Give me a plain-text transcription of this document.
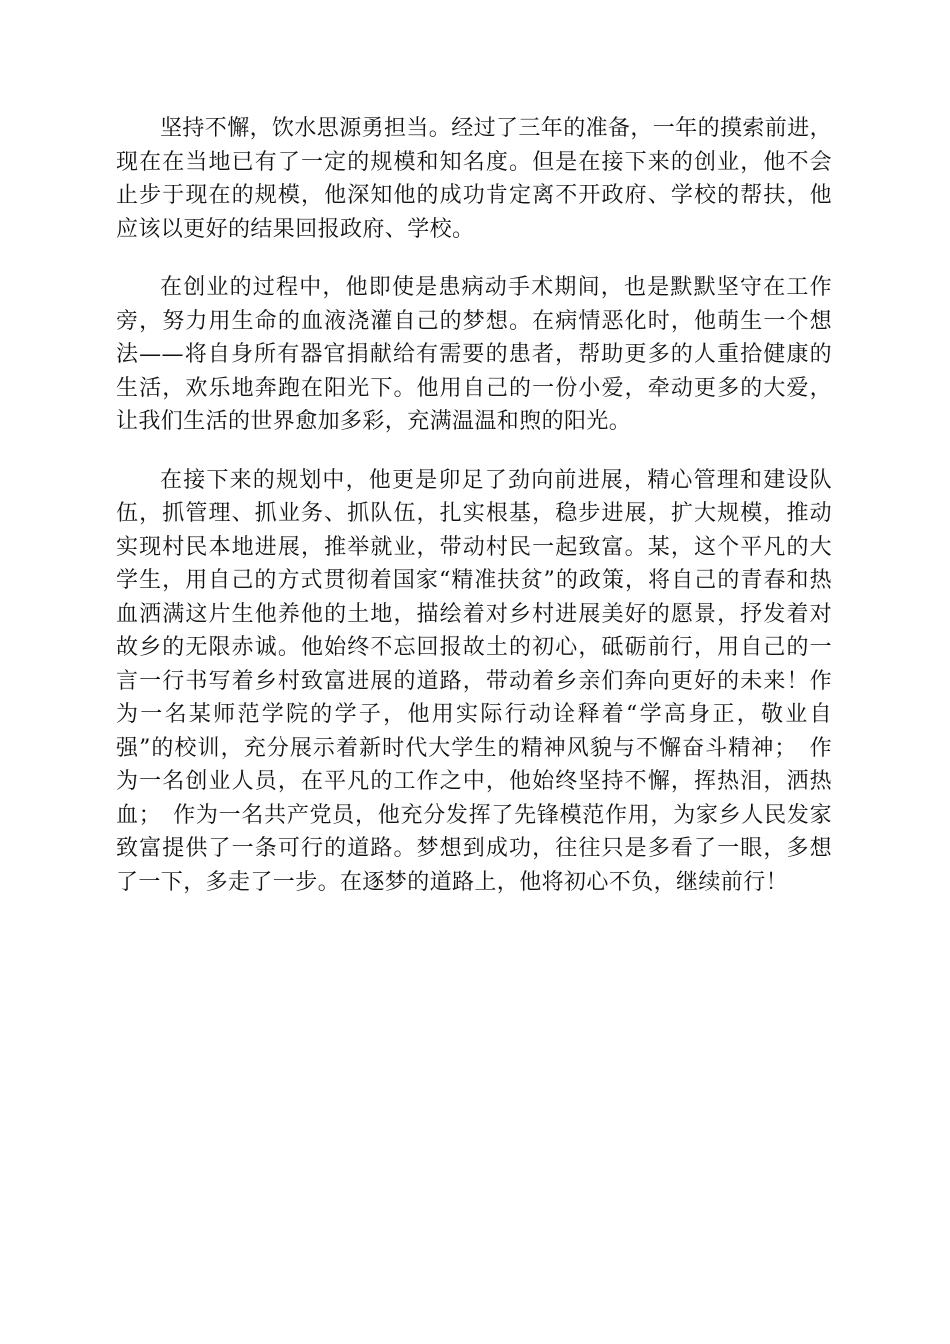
坚持不懈，饮水思源勇担当。经过了三年的准备，一年的摸索前进，现在在当地已有了一定的规模和知名度。但是在接下来的创业，他不会止步于现在的规模，他深知他的成功肯定离不开政府、学校的帮扶，他应该以更好的结果回报政府、学校。

在创业的过程中，他即使是患病动手术期间，也是默默坚守在工作旁，努力用生命的血液浇灌自己的梦想。在病情恶化时，他萌生一个想法——将自身所有器官捐献给有需要的患者，帮助更多的人重拾健康的生活，欢乐地奔跑在阳光下。他用自己的一份小爱，牵动更多的大爱，让我们生活的世界愈加多彩，充满温温和煦的阳光。

在接下来的规划中，他更是卯足了劲向前进展，精心管理和建设队伍，抓管理、抓业务、抓队伍，扎实根基，稳步进展，扩大规模，推动实现村民本地进展，推举就业，带动村民一起致富。某，这个平凡的大学生，用自己的方式贯彻着国家“精准扶贫”的政策，将自己的青春和热血洒满这片生他养他的土地，描绘着对乡村进展美好的愿景，抒发着对故乡的无限赤诚。他始终不忘回报故土的初心，砥砺前行，用自己的一言一行书写着乡村致富进展的道路，带动着乡亲们奔向更好的未来！作为一名某师范学院的学子，他用实际行动诠释着“学高身正，敬业自强”的校训，充分展示着新时代大学生的精神风貌与不懈奋斗精神；　作为一名创业人员，在平凡的工作之中，他始终坚持不懈，挥热泪，洒热血；　作为一名共产党员，他充分发挥了先锋模范作用，为家乡人民发家致富提供了一条可行的道路。梦想到成功，往往只是多看了一眼，多想了一下，多走了一步。在逐梦的道路上，他将初心不负，继续前行！
